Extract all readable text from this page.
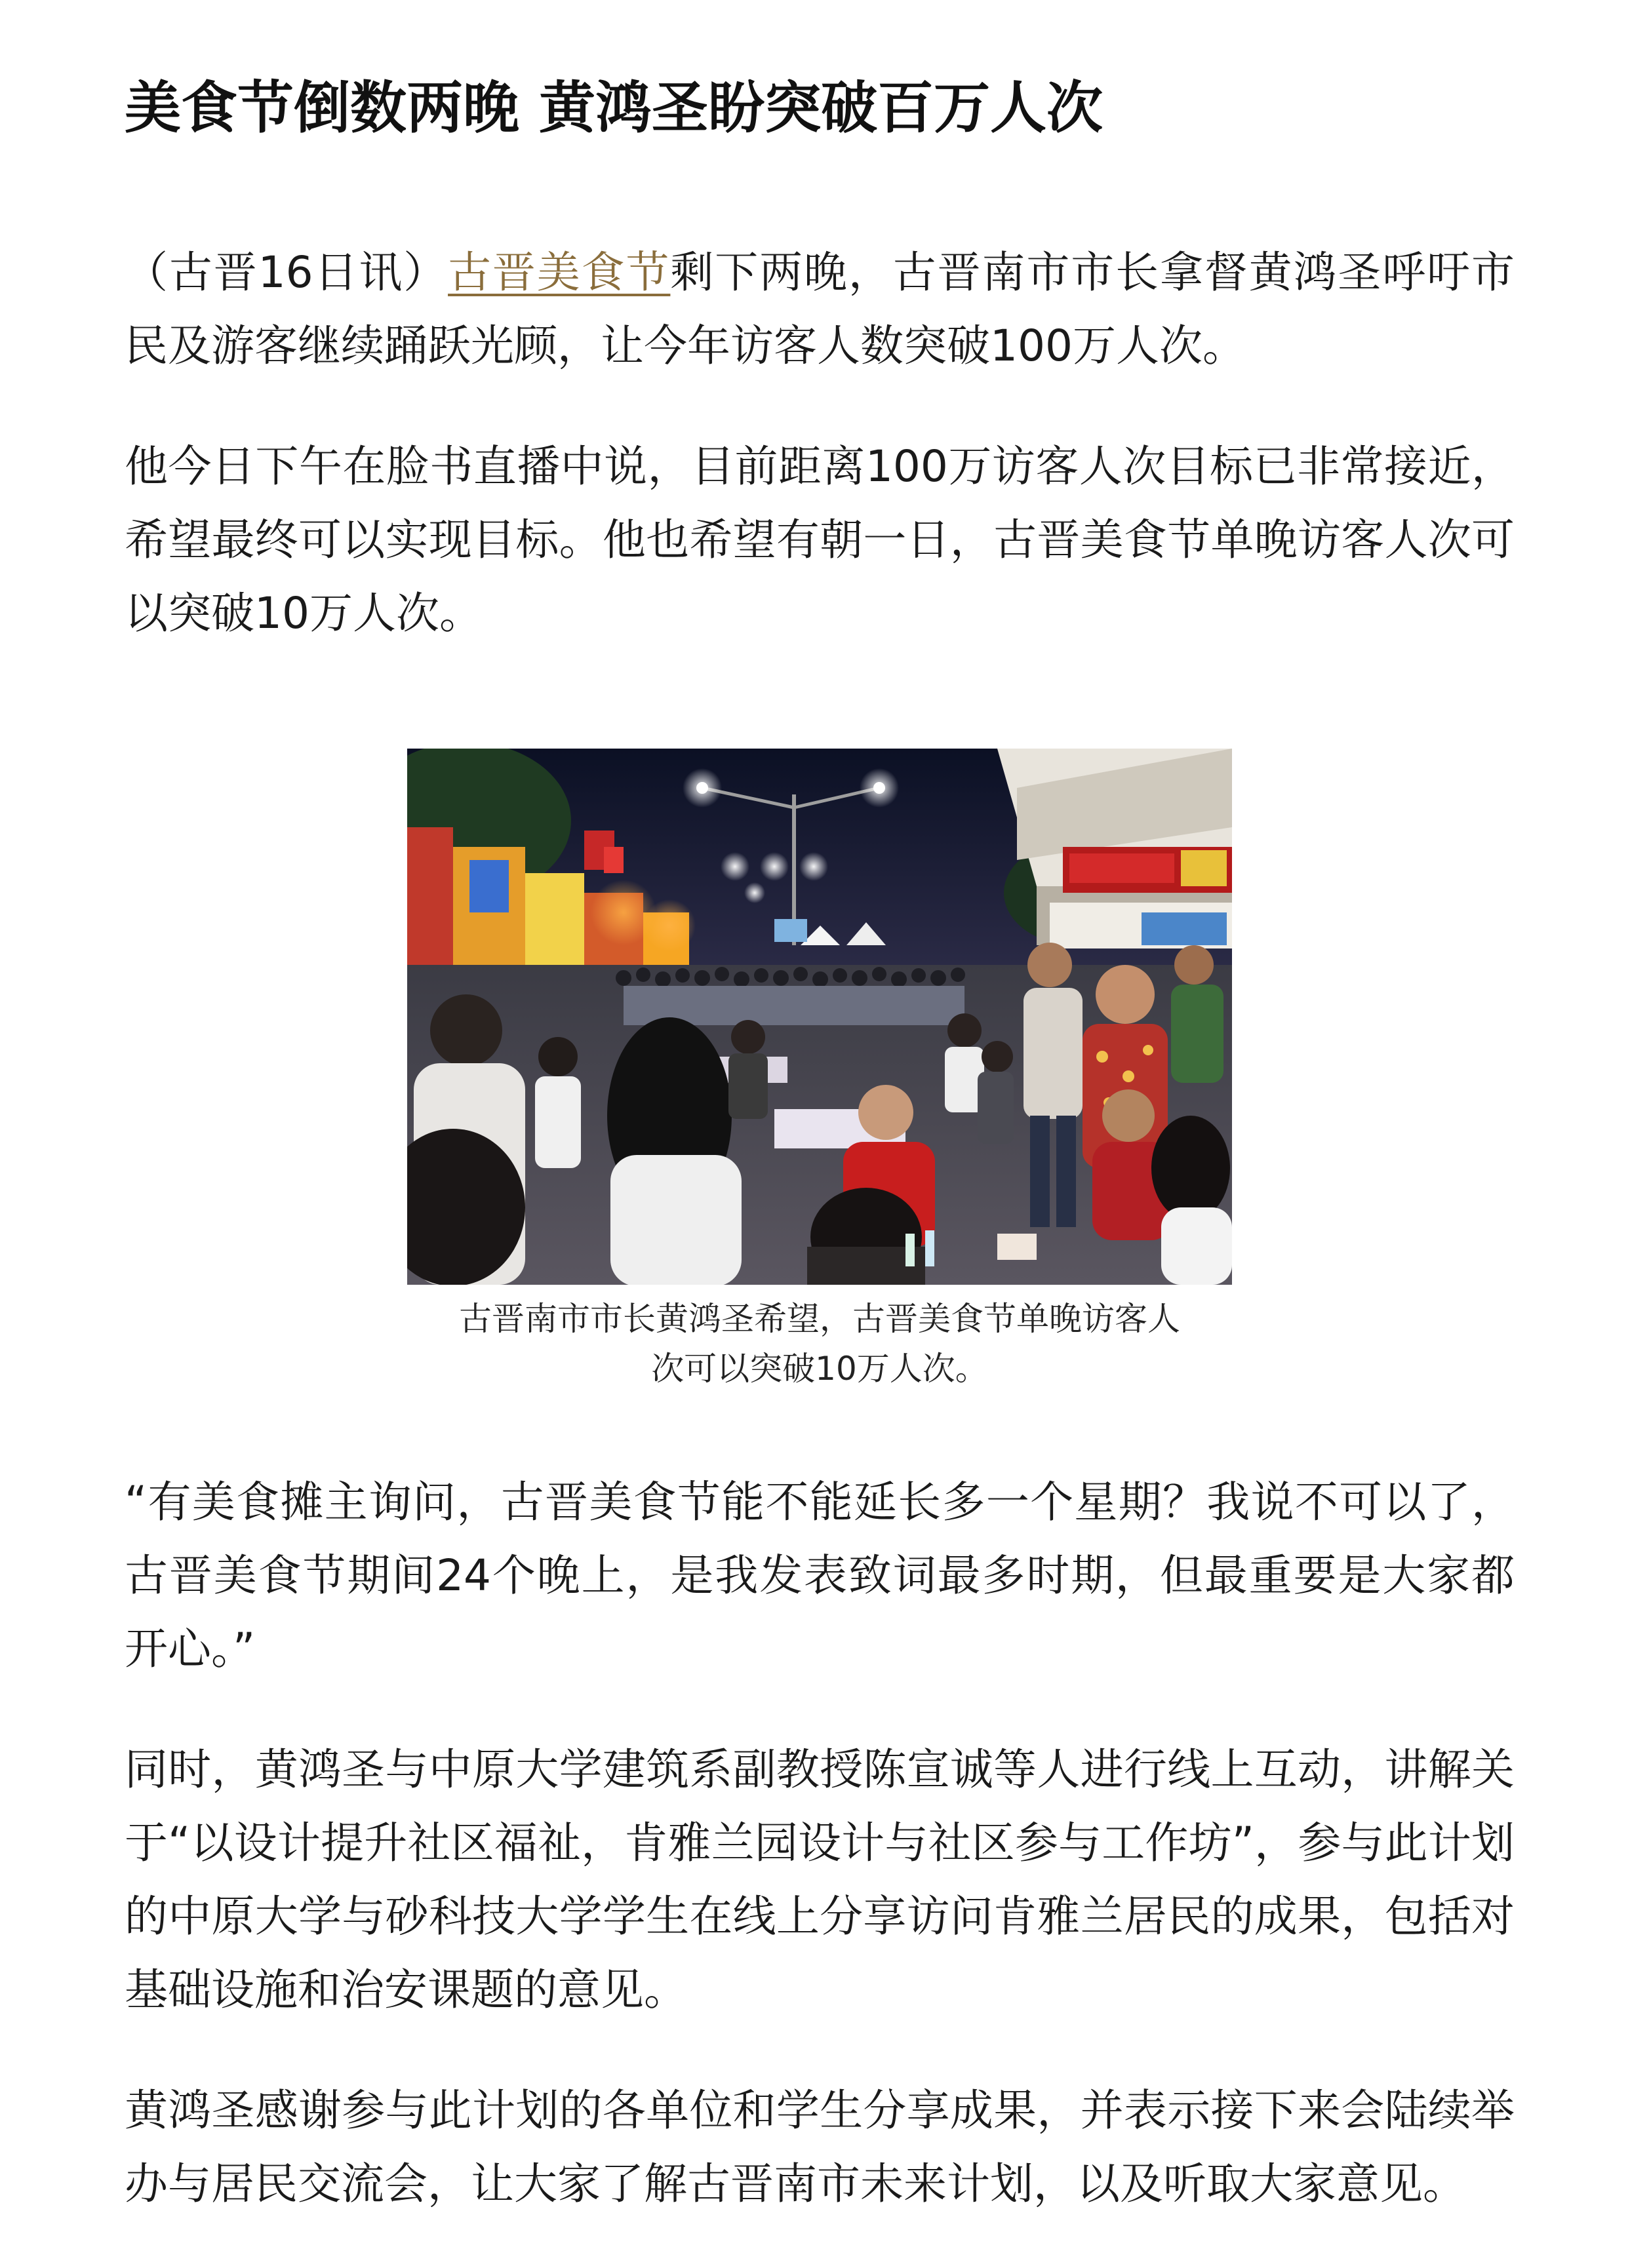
美食节倒数两晚 黄鸿圣盼突破百万人次

（古晋16日讯）古晋美食节剩下两晚，古晋南市市长拿督黄鸿圣呼吁市民及游客继续踊跃光顾，让今年访客人数突破100万人次。

他今日下午在脸书直播中说，目前距离100万访客人次目标已非常接近，希望最终可以实现目标。他也希望有朝一日，古晋美食节单晚访客人次可以突破10万人次。

古晋南市市长黄鸿圣希望，古晋美食节单晚访客人
次可以突破10万人次。

“有美食摊主询问，古晋美食节能不能延长多一个星期？我说不可以了，古晋美食节期间24个晚上，是我发表致词最多时期，但最重要是大家都开心。”

同时，黄鸿圣与中原大学建筑系副教授陈宣诚等人进行线上互动，讲解关于“以设计提升社区福祉，肯雅兰园设计与社区参与工作坊”，参与此计划的中原大学与砂科技大学学生在线上分享访问肯雅兰居民的成果，包括对基础设施和治安课题的意见。

黄鸿圣感谢参与此计划的各单位和学生分享成果，并表示接下来会陆续举办与居民交流会，让大家了解古晋南市未来计划，以及听取大家意见。
